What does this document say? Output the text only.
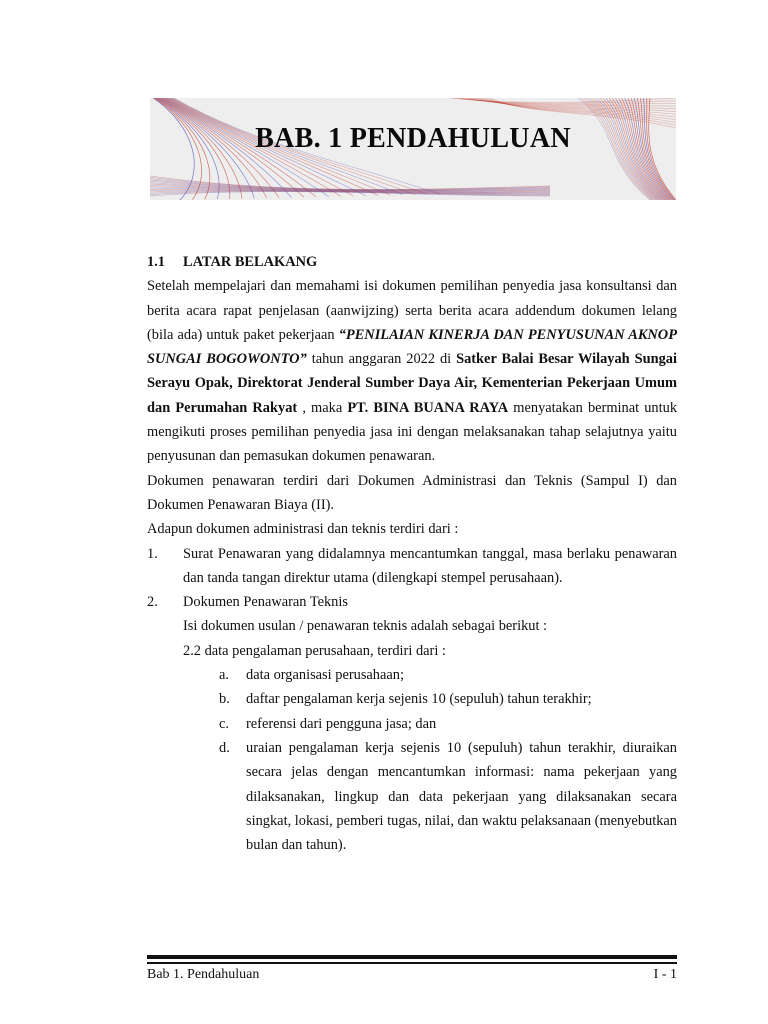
BAB. 1 PENDAHULUAN

1.1 LATAR BELAKANG

Setelah mempelajari dan memahami isi dokumen pemilihan penyedia jasa konsultansi dan berita acara rapat penjelasan (aanwijzing) serta berita acara addendum dokumen lelang (bila ada) untuk paket pekerjaan “PENILAIAN KINERJA DAN PENYUSUNAN AKNOP SUNGAI BOGOWONTO” tahun anggaran 2022 di Satker Balai Besar Wilayah Sungai Serayu Opak, Direktorat Jenderal Sumber Daya Air, Kementerian Pekerjaan Umum dan Perumahan Rakyat , maka PT. BINA BUANA RAYA menyatakan berminat untuk mengikuti proses pemilihan penyedia jasa ini dengan melaksanakan tahap selajutnya yaitu penyusunan dan pemasukan dokumen penawaran.

Dokumen penawaran terdiri dari Dokumen Administrasi dan Teknis (Sampul I) dan Dokumen Penawaran Biaya (II).

Adapun dokumen administrasi dan teknis terdiri dari :

1. Surat Penawaran yang didalamnya mencantumkan tanggal, masa berlaku penawaran dan tanda tangan direktur utama (dilengkapi stempel perusahaan).
2. Dokumen Penawaran Teknis
Isi dokumen usulan / penawaran teknis adalah sebagai berikut :
2.2 data pengalaman perusahaan, terdiri dari :
a. data organisasi perusahaan;
b. daftar pengalaman kerja sejenis 10 (sepuluh) tahun terakhir;
c. referensi dari pengguna jasa; dan
d. uraian pengalaman kerja sejenis 10 (sepuluh) tahun terakhir, diuraikan secara jelas dengan mencantumkan informasi: nama pekerjaan yang dilaksanakan, lingkup dan data pekerjaan yang dilaksanakan secara singkat, lokasi, pemberi tugas, nilai, dan waktu pelaksanaan (menyebutkan bulan dan tahun).
Bab 1. Pendahuluan	I - 1
